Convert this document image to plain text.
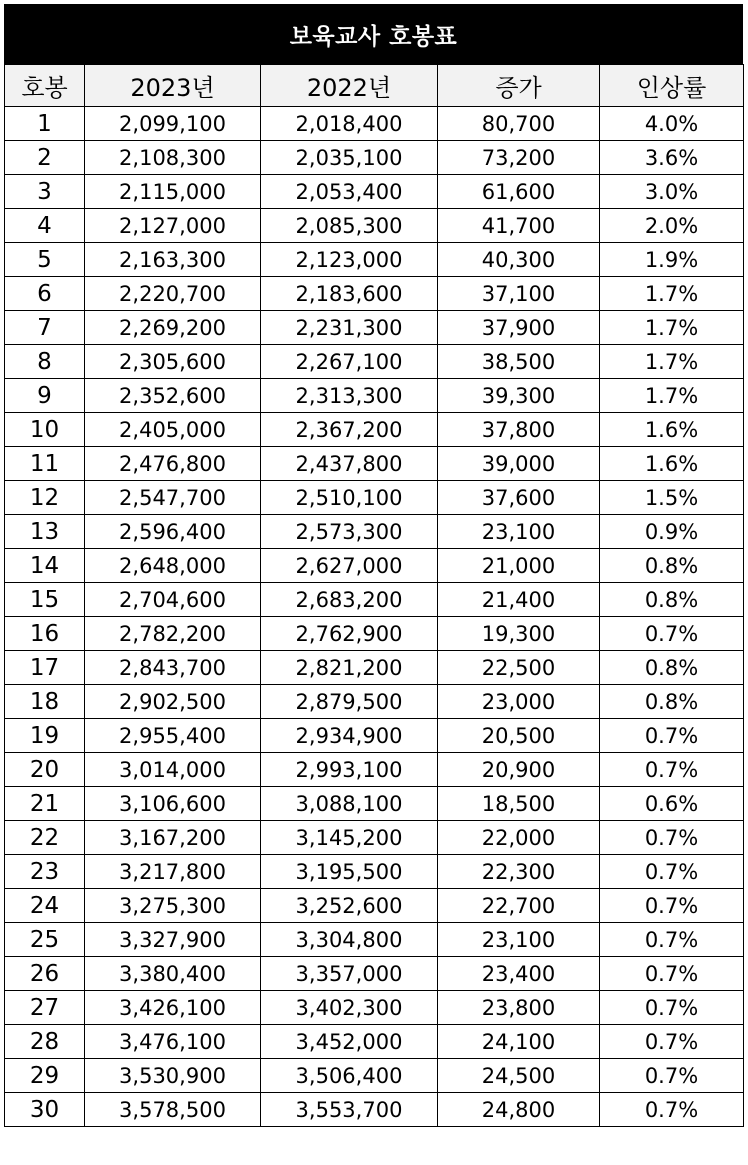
보육교사 호봉표
호봉	2023년	2022년	증가	인상률
1	2,099,100	2,018,400	80,700	4.0%
2	2,108,300	2,035,100	73,200	3.6%
3	2,115,000	2,053,400	61,600	3.0%
4	2,127,000	2,085,300	41,700	2.0%
5	2,163,300	2,123,000	40,300	1.9%
6	2,220,700	2,183,600	37,100	1.7%
7	2,269,200	2,231,300	37,900	1.7%
8	2,305,600	2,267,100	38,500	1.7%
9	2,352,600	2,313,300	39,300	1.7%
10	2,405,000	2,367,200	37,800	1.6%
11	2,476,800	2,437,800	39,000	1.6%
12	2,547,700	2,510,100	37,600	1.5%
13	2,596,400	2,573,300	23,100	0.9%
14	2,648,000	2,627,000	21,000	0.8%
15	2,704,600	2,683,200	21,400	0.8%
16	2,782,200	2,762,900	19,300	0.7%
17	2,843,700	2,821,200	22,500	0.8%
18	2,902,500	2,879,500	23,000	0.8%
19	2,955,400	2,934,900	20,500	0.7%
20	3,014,000	2,993,100	20,900	0.7%
21	3,106,600	3,088,100	18,500	0.6%
22	3,167,200	3,145,200	22,000	0.7%
23	3,217,800	3,195,500	22,300	0.7%
24	3,275,300	3,252,600	22,700	0.7%
25	3,327,900	3,304,800	23,100	0.7%
26	3,380,400	3,357,000	23,400	0.7%
27	3,426,100	3,402,300	23,800	0.7%
28	3,476,100	3,452,000	24,100	0.7%
29	3,530,900	3,506,400	24,500	0.7%
30	3,578,500	3,553,700	24,800	0.7%
